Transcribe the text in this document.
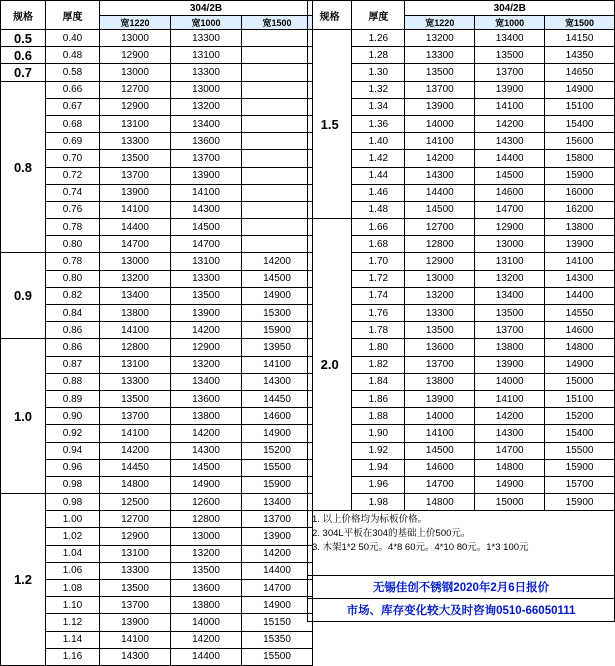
规格	厚度	304/2B		
		宽1220	宽1000	宽1500
0.5	0.40	13000	13300	
0.6	0.48	12900	13100	
0.7	0.58	13000	13300	
0.8	0.66	12700	13000	
	0.67	12900	13200	
	0.68	13100	13400	
	0.69	13300	13600	
	0.70	13500	13700	
	0.72	13700	13900	
	0.74	13900	14100	
	0.76	14100	14300	
	0.78	14400	14500	
	0.80	14700	14700	
0.9	0.78	13000	13100	14200
	0.80	13200	13300	14500
	0.82	13400	13500	14900
	0.84	13800	13900	15300
	0.86	14100	14200	15900
1.0	0.86	12800	12900	13950
	0.87	13100	13200	14100
	0.88	13300	13400	14300
	0.89	13500	13600	14450
	0.90	13700	13800	14600
	0.92	14100	14200	14900
	0.94	14200	14300	15200
	0.96	14450	14500	15500
	0.98	14800	14900	15900
1.2	0.98	12500	12600	13400
	1.00	12700	12800	13700
	1.02	12900	13000	13900
	1.04	13100	13200	14200
	1.06	13300	13500	14400
	1.08	13500	13600	14700
	1.10	13700	13800	14900
	1.12	13900	14000	15150
	1.14	14100	14200	15350
	1.16	14300	14400	15500
规格	厚度	304/2B		
		宽1220	宽1000	宽1500
1.5	1.26	13200	13400	14150
	1.28	13300	13500	14350
	1.30	13500	13700	14650
	1.32	13700	13900	14900
	1.34	13900	14100	15100
	1.36	14000	14200	15400
	1.40	14100	14300	15600
	1.42	14200	14400	15800
	1.44	14300	14500	15900
	1.46	14400	14600	16000
	1.48	14500	14700	16200
2.0	1.66	12700	12900	13800
	1.68	12800	13000	13900
	1.70	12900	13100	14100
	1.72	13000	13200	14300
	1.74	13200	13400	14400
	1.76	13300	13500	14550
	1.78	13500	13700	14600
	1.80	13600	13800	14800
	1.82	13700	13900	14900
	1.84	13800	14000	15000
	1.86	13900	14100	15100
	1.88	14000	14200	15200
	1.90	14100	14300	15400
	1.92	14500	14700	15500
	1.94	14600	14800	15900
	1.96	14700	14900	15700
	1.98	14800	15000	15900

1. 以上价格均为标板价格。
2. 304L平板在304的基础上价500元。
3. 木架1*2 50元。4*8 60元。4*10 80元。1*3 100元				

无锡佳创不锈钢2020年2月6日报价				
市场、库存变化较大及时咨询0510-66050111				
